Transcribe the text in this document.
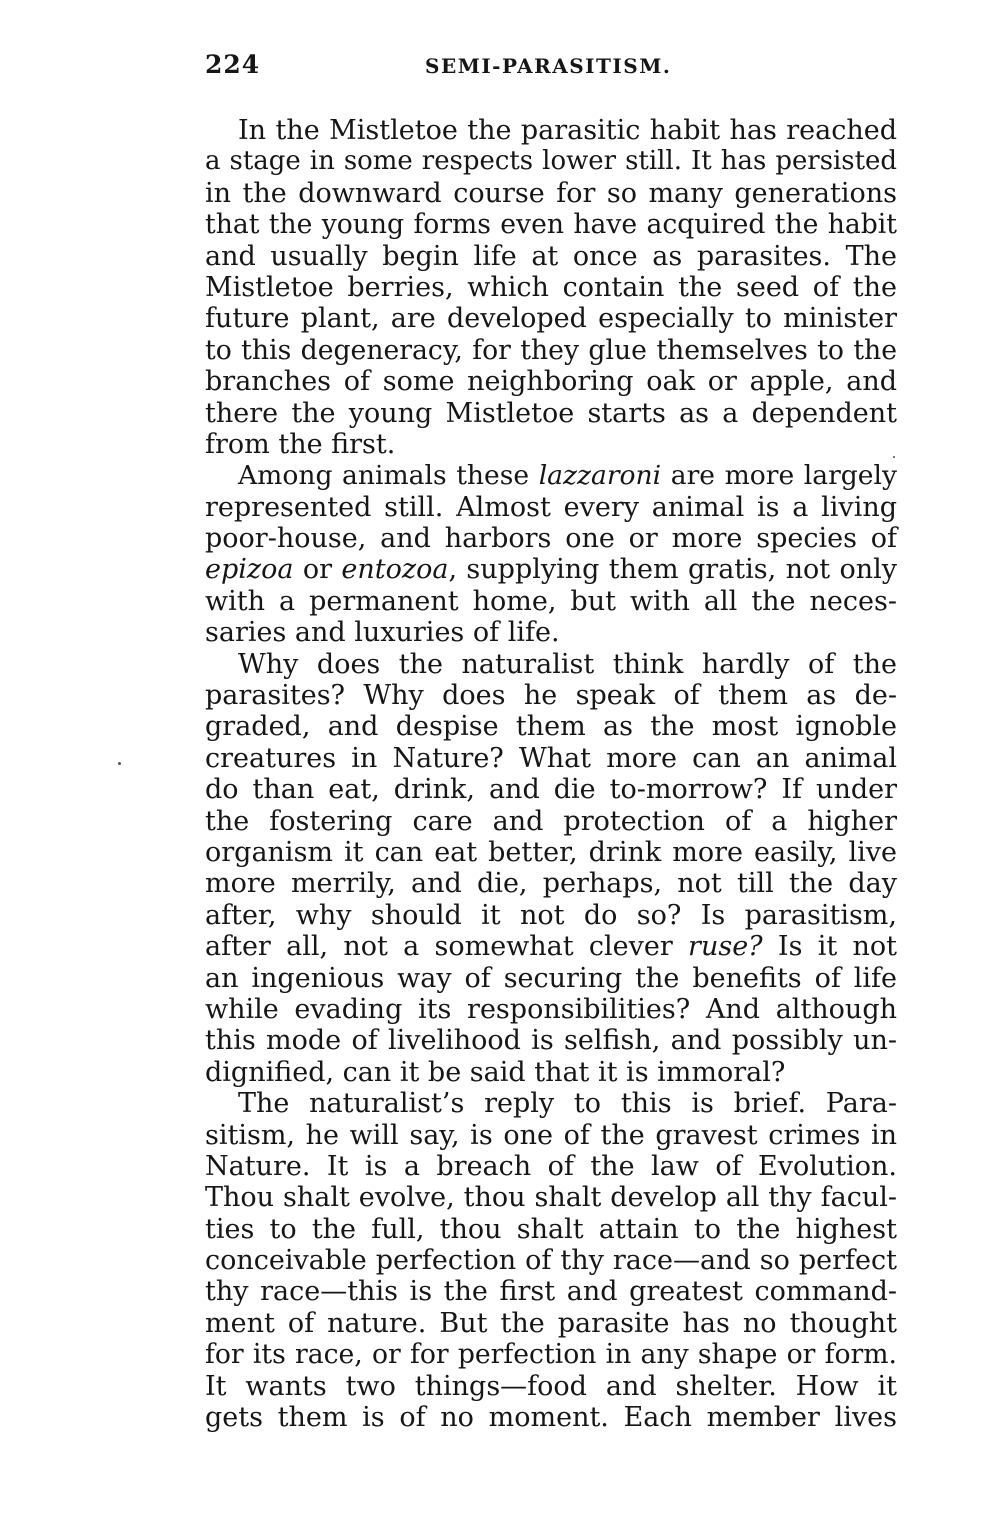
224	SEMI-PARASITISM.
In the Mistletoe the parasitic habit has reached
a stage in some respects lower still. It has persisted
in the downward course for so many generations
that the young forms even have acquired the habit
and usually begin life at once as parasites. The
Mistletoe berries, which contain the seed of the
future plant, are developed especially to minister
to this degeneracy, for they glue themselves to the
branches of some neighboring oak or apple, and
there the young Mistletoe starts as a dependent
from the first.
Among animals these lazzaroni are more largely
represented still. Almost every animal is a living
poor-house, and harbors one or more species of
epizoa or entozoa, supplying them gratis, not only
with a permanent home, but with all the neces-
saries and luxuries of life.
Why does the naturalist think hardly of the
parasites? Why does he speak of them as de-
graded, and despise them as the most ignoble
creatures in Nature? What more can an animal
do than eat, drink, and die to-morrow? If under
the fostering care and protection of a higher
organism it can eat better, drink more easily, live
more merrily, and die, perhaps, not till the day
after, why should it not do so? Is parasitism,
after all, not a somewhat clever ruse? Is it not
an ingenious way of securing the benefits of life
while evading its responsibilities? And although
this mode of livelihood is selfish, and possibly un-
dignified, can it be said that it is immoral?
The naturalist’s reply to this is brief. Para-
sitism, he will say, is one of the gravest crimes in
Nature. It is a breach of the law of Evolution.
Thou shalt evolve, thou shalt develop all thy facul-
ties to the full, thou shalt attain to the highest
conceivable perfection of thy race—and so perfect
thy race—this is the first and greatest command-
ment of nature. But the parasite has no thought
for its race, or for perfection in any shape or form.
It wants two things—food and shelter. How it
gets them is of no moment. Each member lives
